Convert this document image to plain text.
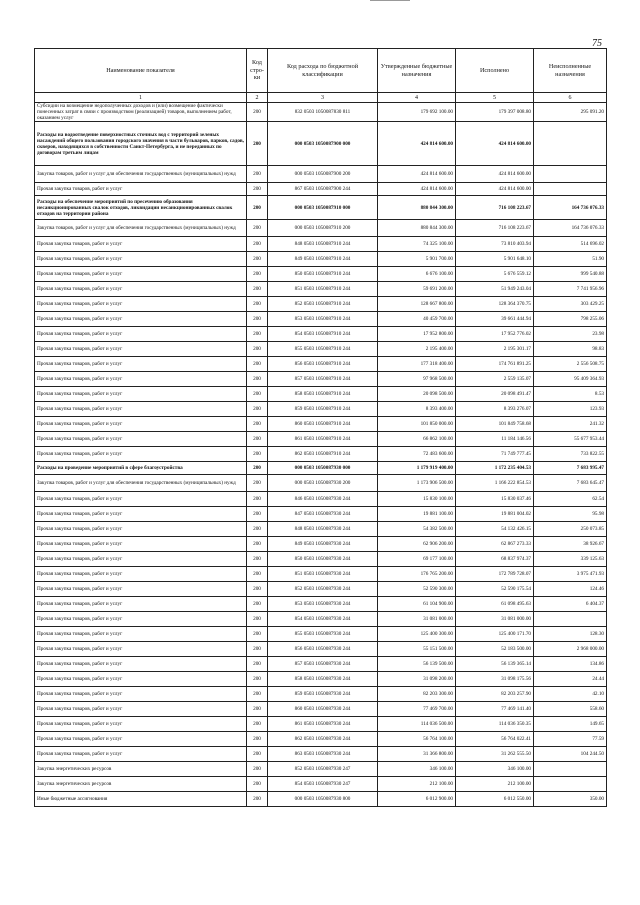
75
Наименование показателя	Код стро- ки	Код расхода по бюджетной классификации	Утвержденные бюджетные назначения	Исполнено	Неисполненные назначения
1	2	3	4	5	6
Субсидии на возмещение недополученных доходов и (или) возмещение фактически понесенных затрат в связи с производством (реализацией) товаров, выполнением работ, оказанием услуг	200	832 0503 1050087830 811	179 692 100.00	179 397 008.80	295 091.20
Расходы на водоотведение поверхностных сточных вод с территорий зеленых насаждений общего пользования городского значения в части бульваров, парков, садов, скверов, находящихся в собственности Санкт-Петербурга, и не переданных по договорам третьим лицам	200	000 0503 1050087900 000	424 814 600.00	424 814 600.00	
Закупка товаров, работ и услуг для обеспечения государственных (муниципальных) нужд	200	000 0503 1050087900 200	424 814 600.00	424 814 600.00	
Прочая закупка товаров, работ и услуг	200	867 0503 1050087900 244	424 814 600.00	424 814 600.00	
Расходы на обеспечение мероприятий по пресечению образования несанкционированных свалок отходов, ликвидации несанкционированных свалок отходов на территории района	200	000 0503 1050087910 000	880 844 300.00	716 108 223.67	164 736 076.33
Закупка товаров, работ и услуг для обеспечения государственных (муниципальных) нужд	200	000 0503 1050087910 200	880 844 300.00	716 108 223.67	164 736 076.33
Прочая закупка товаров, работ и услуг	200	848 0503 1050087910 244	74 325 100.00	73 810 403.94	514 696.02
Прочая закупка товаров, работ и услуг	200	849 0503 1050087910 244	5 901 700.00	5 901 648.10	51.90
Прочая закупка товаров, работ и услуг	200	850 0503 1050087910 244	6 676 100.00	5 676 559.12	999 540.88
Прочая закупка товаров, работ и услуг	200	851 0503 1050087910 244	59 691 200.00	51 949 243.04	7 741 956.96
Прочая закупка товаров, работ и услуг	200	852 0503 1050087910 244	128 667 800.00	128 364 370.75	303 429.25
Прочая закупка товаров, работ и услуг	200	853 0503 1050087910 244	40 459 700.00	39 661 444.94	798 255.06
Прочая закупка товаров, работ и услуг	200	854 0503 1050087910 244	17 952 800.00	17 952 776.02	23.98
Прочая закупка товаров, работ и услуг	200	855 0503 1050087910 244	2 195 400.00	2 195 301.17	98.83
Прочая закупка товаров, работ и услуг	200	856 0503 1050087910 244	177 318 400.00	174 761 891.25	2 556 508.75
Прочая закупка товаров, работ и услуг	200	857 0503 1050087910 244	97 968 500.00	2 559 135.07	95 409 364.93
Прочая закупка товаров, работ и услуг	200	858 0503 1050087910 244	20 098 500.00	20 098 491.47	8.53
Прочая закупка товаров, работ и услуг	200	859 0503 1050087910 244	8 393 400.00	8 393 276.07	123.93
Прочая закупка товаров, работ и услуг	200	860 0503 1050087910 244	101 850 000.00	101 849 758.68	241.32
Прочая закупка товаров, работ и услуг	200	861 0503 1050087910 244	66 862 100.00	11 184 146.56	55 677 953.44
Прочая закупка товаров, работ и услуг	200	862 0503 1050087910 244	72 483 600.00	71 749 777.45	733 822.55
Расходы на проведение мероприятий в сфере благоустройства	200	000 0503 1050087930 000	1 179 919 400.00	1 172 235 404.53	7 683 995.47
Закупка товаров, работ и услуг для обеспечения государственных (муниципальных) нужд	200	000 0503 1050087930 200	1 173 906 500.00	1 166 222 854.53	7 683 645.47
Прочая закупка товаров, работ и услуг	200	846 0503 1050087930 244	15 830 100.00	15 830 037.46	62.54
Прочая закупка товаров, работ и услуг	200	847 0503 1050087930 244	19 881 100.00	19 881 004.02	95.98
Прочая закупка товаров, работ и услуг	200	848 0503 1050087930 244	54 382 500.00	54 132 426.15	250 073.85
Прочая закупка товаров, работ и услуг	200	849 0503 1050087930 244	62 906 200.00	62 867 273.33	38 926.67
Прочая закупка товаров, работ и услуг	200	850 0503 1050087930 244	69 177 100.00	68 837 974.37	339 125.63
Прочая закупка товаров, работ и услуг	200	851 0503 1050087930 244	176 765 200.00	172 789 728.07	3 975 471.93
Прочая закупка товаров, работ и услуг	200	852 0503 1050087930 244	52 590 300.00	52 590 175.54	124.46
Прочая закупка товаров, работ и услуг	200	853 0503 1050087930 244	61 104 900.00	61 098 495.63	6 404.37
Прочая закупка товаров, работ и услуг	200	854 0503 1050087930 244	31 081 000.00	31 081 000.00	
Прочая закупка товаров, работ и услуг	200	855 0503 1050087930 244	125 400 300.00	125 400 171.70	128.30
Прочая закупка товаров, работ и услуг	200	856 0503 1050087930 244	55 151 500.00	52 183 500.00	2 968 000.00
Прочая закупка товаров, работ и услуг	200	857 0503 1050087930 244	56 139 500.00	56 139 365.14	134.86
Прочая закупка товаров, работ и услуг	200	858 0503 1050087930 244	31 098 200.00	31 098 175.56	24.44
Прочая закупка товаров, работ и услуг	200	859 0503 1050087930 244	82 203 300.00	82 203 257.90	42.10
Прочая закупка товаров, работ и услуг	200	860 0503 1050087930 244	77 469 700.00	77 469 141.40	558.60
Прочая закупка товаров, работ и услуг	200	861 0503 1050087930 244	114 036 500.00	114 036 350.35	149.65
Прочая закупка товаров, работ и услуг	200	862 0503 1050087930 244	56 764 100.00	56 764 022.41	77.59
Прочая закупка товаров, работ и услуг	200	863 0503 1050087930 244	31 366 800.00	31 262 555.50	104 244.50
Закупка энергетических ресурсов	200	852 0503 1050087930 247	346 100.00	346 100.00	
Закупка энергетических ресурсов	200	854 0503 1050087930 247	212 100.00	212 100.00	
Иные бюджетные ассигнования	200	000 0503 1050087930 800	6 012 900.00	6 012 550.00	350.00
